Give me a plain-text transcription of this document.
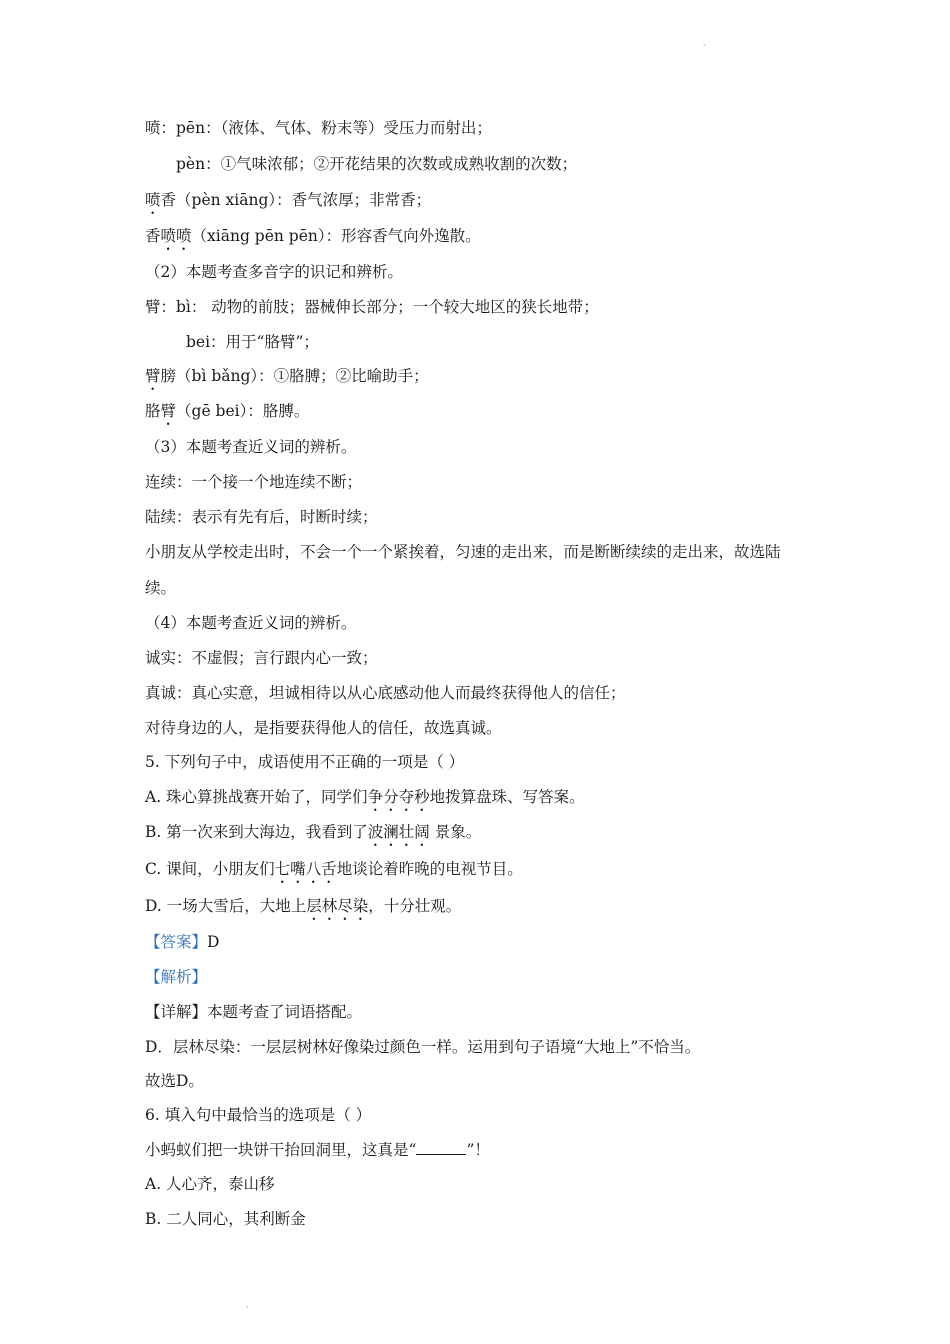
ˌ
喷：pēn：（液体、气体、粉末等）受压力而射出；
pèn：①气味浓郁；②开花结果的次数或成熟收割的次数；
喷香（pèn xiāng）：香气浓厚；非常香；
香喷喷（xiāng pēn pēn）：形容香气向外逸散。
（2）本题考查多音字的识记和辨析。
臂：bì： 动物的前肢；器械伸长部分；一个较大地区的狭长地带；
bei：用于“胳臂”；
臂膀（bì bǎng）：①胳膊；②比喻助手；
胳臂（gē bei）：胳膊。
（3）本题考查近义词的辨析。
连续：一个接一个地连续不断；
陆续：表示有先有后，时断时续；
小朋友从学校走出时，不会一个一个紧挨着，匀速的走出来，而是断断续续的走出来，故选陆
续。
（4）本题考查近义词的辨析。
诚实：不虚假；言行跟内心一致；
真诚：真心实意，坦诚相待以从心底感动他人而最终获得他人的信任；
对待身边的人，是指要获得他人的信任，故选真诚。
5. 下列句子中，成语使用不正确的一项是（ ）
A. 珠心算挑战赛开始了，同学们争分夺秒地拨算盘珠、写答案。
B. 第一次来到大海边，我看到了波澜壮阔 景象。
C. 课间，小朋友们七嘴八舌地谈论着昨晚的电视节目。
D. 一场大雪后，大地上层林尽染，十分壮观。
【答案】D
【解析】
【详解】本题考查了词语搭配。
D．层林尽染：一层层树林好像染过颜色一样。运用到句子语境“大地上”不恰当。
故选D。
6. 填入句中最恰当的选项是（ ）
小蚂蚁们把一块饼干抬回洞里，这真是“	”！
A. 人心齐，泰山移
B. 二人同心，其利断金
ˌ
